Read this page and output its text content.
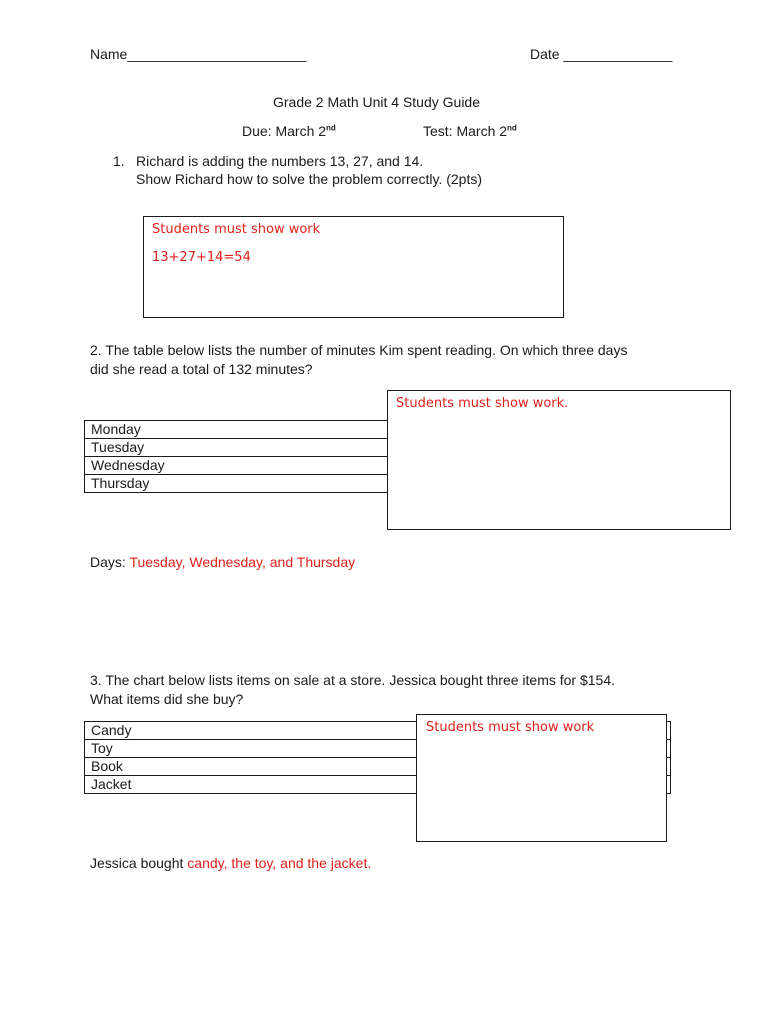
Name_______________________	Date ______________
Grade 2 Math Unit 4 Study Guide
Due: March 2nd	Test: March 2nd
1. Richard is adding the numbers 13, 27, and 14.
Show Richard how to solve the problem correctly. (2pts)
Students must show work
13+27+14=54
2. The table below lists the number of minutes Kim spent reading. On which three days
did she read a total of 132 minutes?
Monday
Tuesday
Wednesday
Thursday
Students must show work.
Days: Tuesday, Wednesday, and Thursday
3. The chart below lists items on sale at a store. Jessica bought three items for $154.
What items did she buy?
Candy
Toy
Book
Jacket
Students must show work
Jessica bought candy, the toy, and the jacket.
